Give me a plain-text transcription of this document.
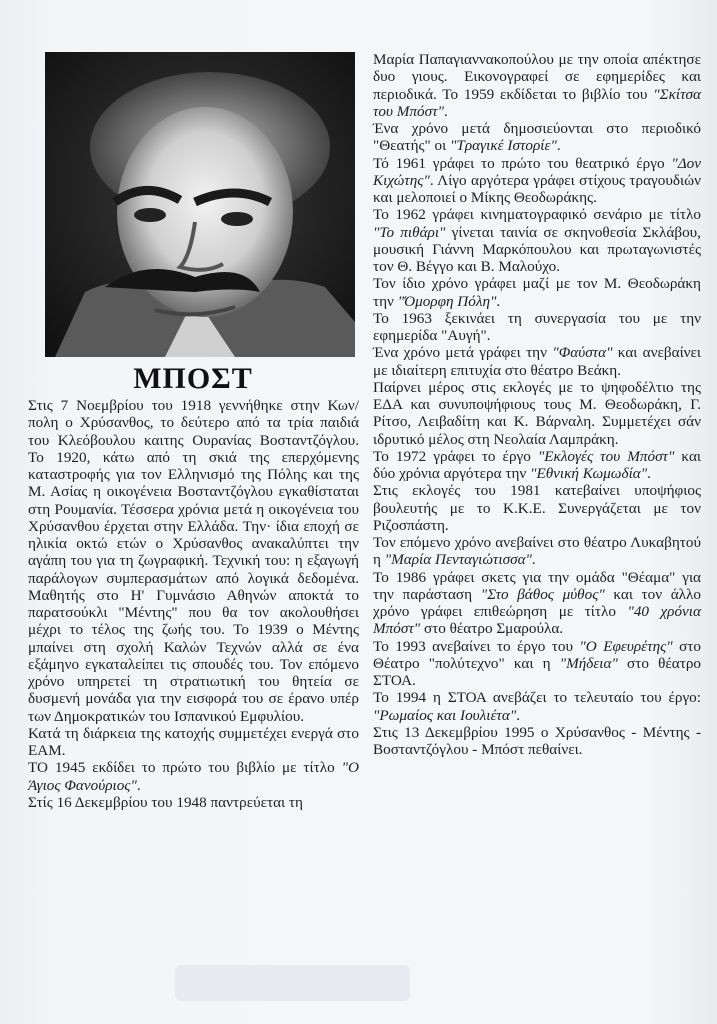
ΜΠΟΣΤ

Στις 7 Νοεμβρίου του 1918 γεννήθηκε στην Κων/πολη ο Χρύσανθος, το δεύτερο από τα τρία παιδιά του Κλεόβουλου καιτης Ουρανίας Βοσταντζόγλου. Το 1920, κάτω από τη σκιά της επερχόμενης καταστροφής για τον Ελληνισμό της Πόλης και της Μ. Ασίας η οικογένεια Βοσταντζόγλου εγκαθίσταται στη Ρουμανία. Τέσσερα χρόνια μετά η οικογένεια του Χρύσανθου έρχεται στην Ελλάδα. Την· ίδια εποχή σε ηλικία οκτώ ετών ο Χρύσανθος ανακαλύπτει την αγάπη του για τη ζωγραφική. Τεχνική του: η εξαγωγή παράλογων συμπερασμάτων από λογικά δεδομένα. Μαθητής στο Η' Γυμνάσιο Αθηνών αποκτά το παρατσούκλι "Μέντης" που θα τον ακολουθήσει μέχρι το τέλος της ζωής του. Το 1939 ο Μέντης μπαίνει στη σχολή Καλών Τεχνών αλλά σε ένα εξάμηνο εγκαταλείπει τις σπουδές του. Τον επόμενο χρόνο υπηρετεί τη στρατιωτική του θητεία σε δυσμενή μονάδα για την εισφορά του σε έρανο υπέρ των Δημοκρατικών του Ισπανικού Εμφυλίου.

Κατά τη διάρκεια της κατοχής συμμετέχει ενεργά στο ΕΑΜ.

ΤΟ 1945 εκδίδει το πρώτο του βιβλίο με τίτλο "Ο Άγιος Φανούριος".

Στίς 16 Δεκεμβρίου του 1948 παντρεύεται τη

Μαρία Παπαγιαννακοπούλου με την οποία απέκτησε δυο γιους. Εικονογραφεί σε εφημερίδες και περιοδικά. Το 1959 εκδίδεται το βιβλίο του "Σκίτσα του Μπόστ".

Ένα χρόνο μετά δημοσιεύονται στο περιοδικό "Θεατής" οι "Τραγικέ Ιστορίε".

Τό 1961 γράφει το πρώτο του θεατρικό έργο "Δον Κιχώτης". Λίγο αργότερα γράφει στίχους τραγουδιών και μελοποιεί ο Μίκης Θεοδωράκης.

Το 1962 γράφει κινηματογραφικό σενάριο με τίτλο "Το πιθάρι" γίνεται ταινία σε σκηνοθεσία Σκλάβου, μουσική Γιάννη Μαρκόπουλου και πρωταγωνιστές τον Θ. Βέγγο και Β. Μαλούχο.

Τον ίδιο χρόνο γράφει μαζί με τον Μ. Θεοδωράκη την "Όμορφη Πόλη".

Το 1963 ξεκινάει τη συνεργασία του με την εφημερίδα "Αυγή".

Ένα χρόνο μετά γράφει την "Φαύστα" και ανεβαίνει με ιδιαίτερη επιτυχία στο θέατρο Βεάκη.

Παίρνει μέρος στις εκλογές με το ψηφοδέλτιο της ΕΔΑ και συνυποψήφιους τους Μ. Θεοδωράκη, Γ. Ρίτσο, Λειβαδίτη και Κ. Βάρναλη. Συμμετέχει σάν ιδρυτικό μέλος στη Νεολαία Λαμπράκη.

Το 1972 γράφει το έργο "Εκλογές του Μπόστ" και δύο χρόνια αργότερα την "Εθνική Κωμωδία".

Στις εκλογές του 1981 κατεβαίνει υποψήφιος βουλευτής με το Κ.Κ.Ε. Συνεργάζεται με τον Ριζοσπάστη.

Τον επόμενο χρόνο ανεβαίνει στο θέατρο Λυκαβητού η "Μαρία Πενταγιώτισσα".

Το 1986 γράφει σκετς για την ομάδα "Θέαμα" για την παράσταση "Στο βάθος μύθος" και τον άλλο χρόνο γράφει επιθεώρηση με τίτλο "40 χρόνια Μπόστ" στο θέατρο Σμαρούλα.

Το 1993 ανεβαίνει το έργο του "Ο Εφευρέτης" στο Θέατρο "πολύτεχνο" και η "Μήδεια" στο θέατρο ΣΤΟΑ.

Το 1994 η ΣΤΟΑ ανεβάζει το τελευταίο του έργο: "Ρωμαίος και Ιουλιέτα".

Στις 13 Δεκεμβρίου 1995 ο Χρύσανθος - Μέντης - Βοσταντζόγλου - Μπόστ πεθαίνει.
